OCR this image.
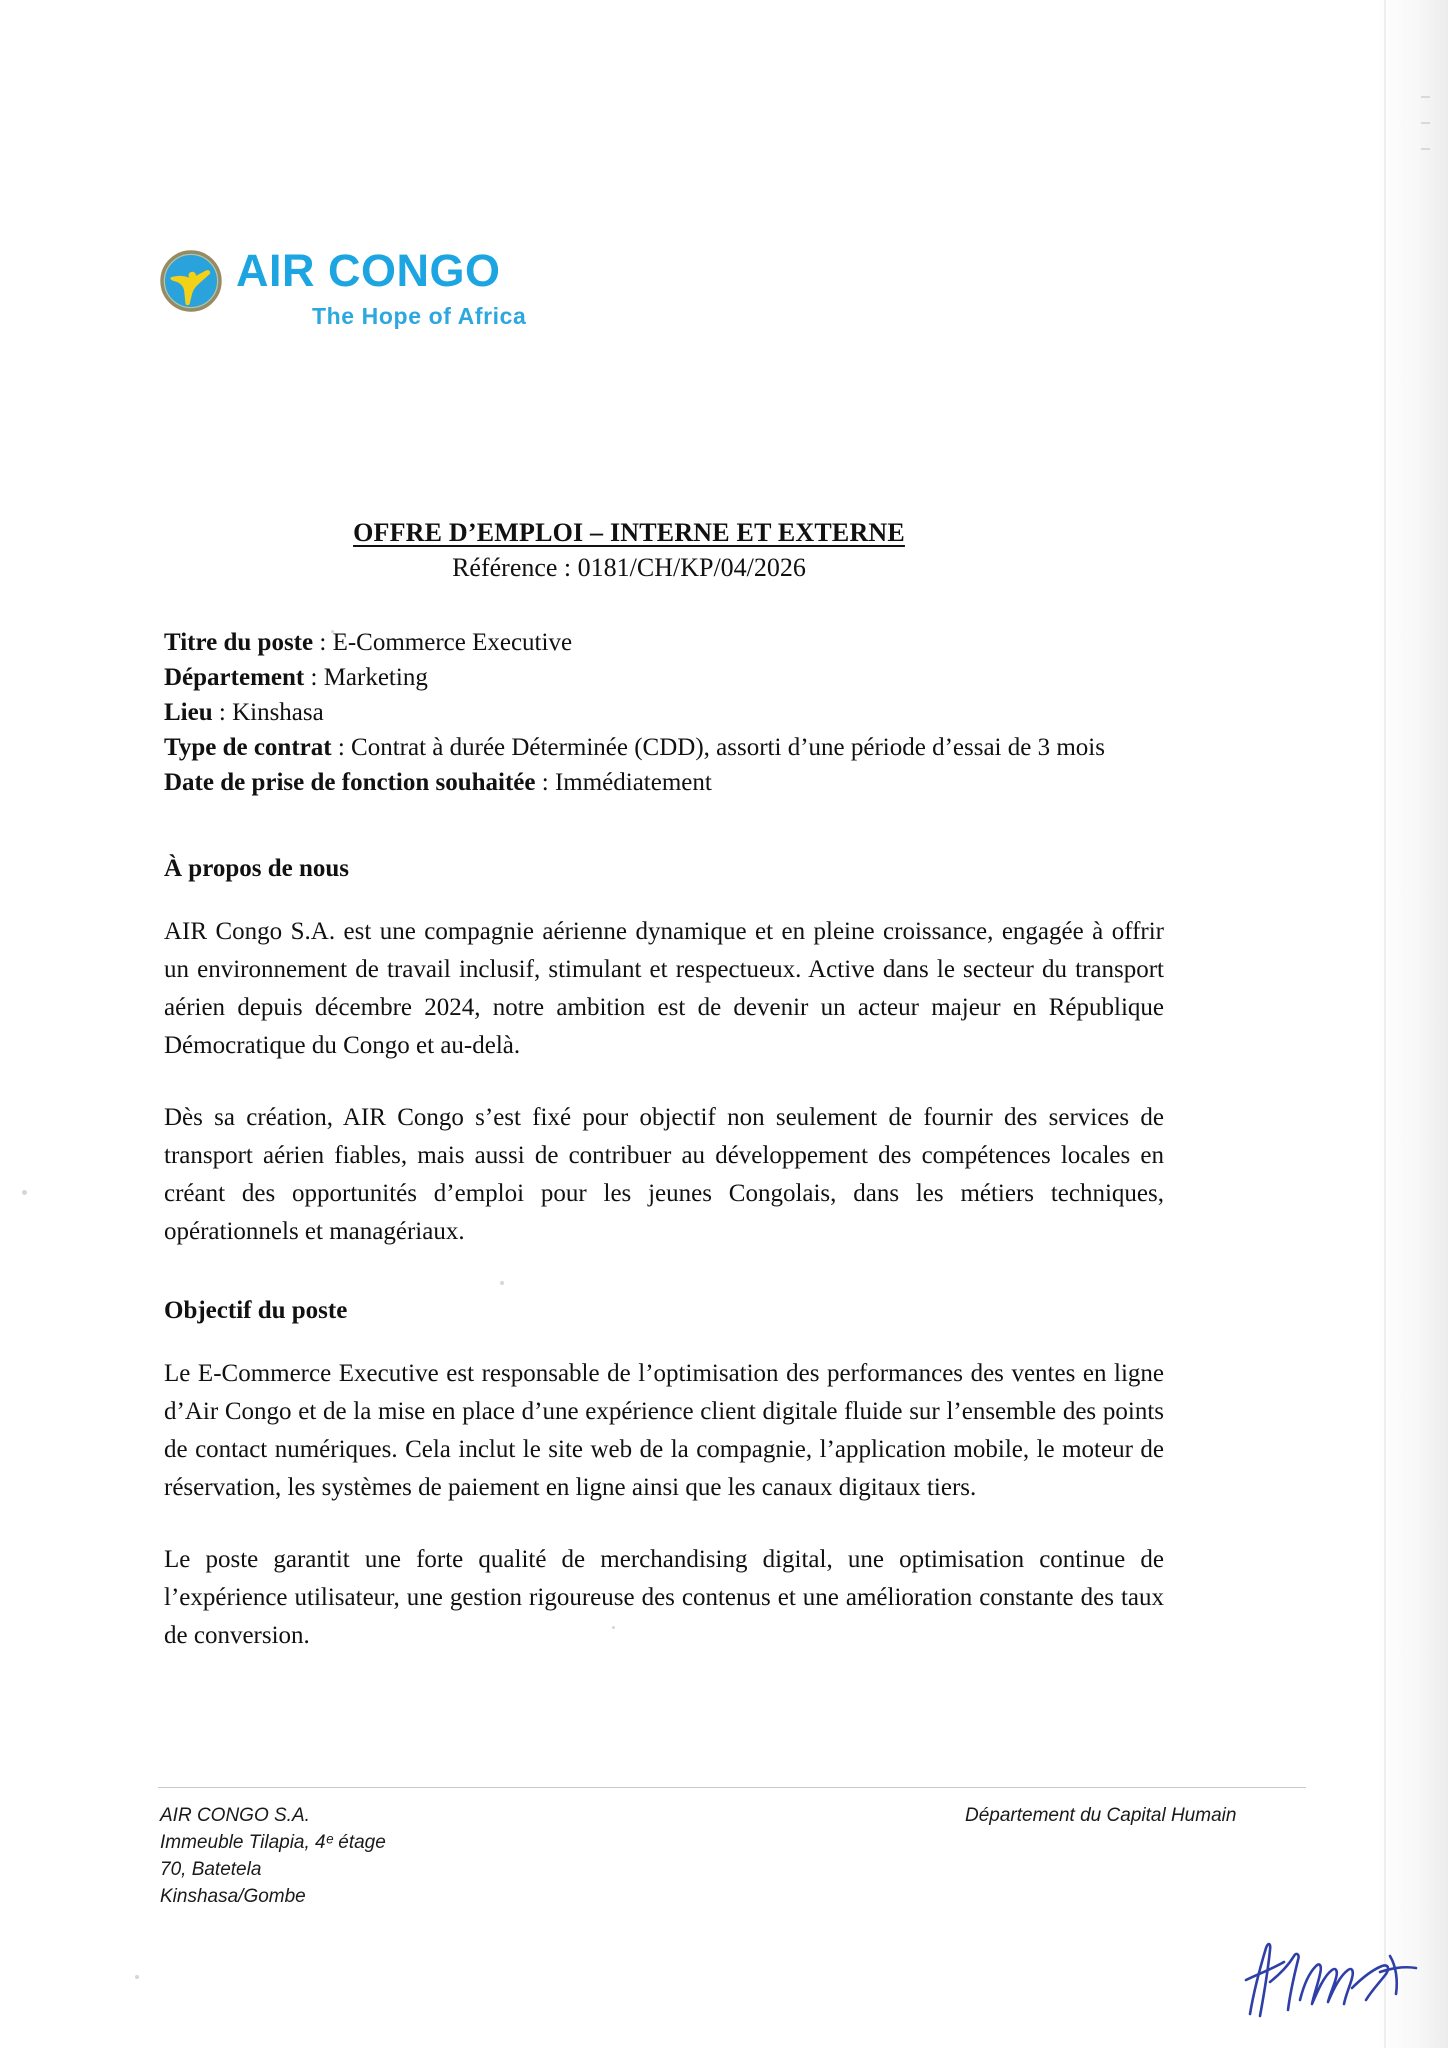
AIR CONGO
The Hope of Africa
OFFRE D’EMPLOI – INTERNE ET EXTERNE
Référence : 0181/CH/KP/04/2026
Titre du poste : E-Commerce Executive
Département : Marketing
Lieu : Kinshasa
Type de contrat : Contrat à durée Déterminée (CDD), assorti d’une période d’essai de 3 mois
Date de prise de fonction souhaitée : Immédiatement
À propos de nous

AIR Congo S.A. est une compagnie aérienne dynamique et en pleine croissance, engagée à offrir un environnement de travail inclusif, stimulant et respectueux. Active dans le secteur du transport aérien depuis décembre 2024, notre ambition est de devenir un acteur majeur en République Démocratique du Congo et au-delà.

Dès sa création, AIR Congo s’est fixé pour objectif non seulement de fournir des services de transport aérien fiables, mais aussi de contribuer au développement des compétences locales en créant des opportunités d’emploi pour les jeunes Congolais, dans les métiers techniques, opérationnels et managériaux.

Objectif du poste

Le E-Commerce Executive est responsable de l’optimisation des performances des ventes en ligne d’Air Congo et de la mise en place d’une expérience client digitale fluide sur l’ensemble des points de contact numériques. Cela inclut le site web de la compagnie, l’application mobile, le moteur de réservation, les systèmes de paiement en ligne ainsi que les canaux digitaux tiers.

Le poste garantit une forte qualité de merchandising digital, une optimisation continue de l’expérience utilisateur, une gestion rigoureuse des contenus et une amélioration constante des taux de conversion.

AIR CONGO S.A.
Immeuble Tilapia, 4ᵉ étage
70, Batetela
Kinshasa/Gombe
Département du Capital Humain
